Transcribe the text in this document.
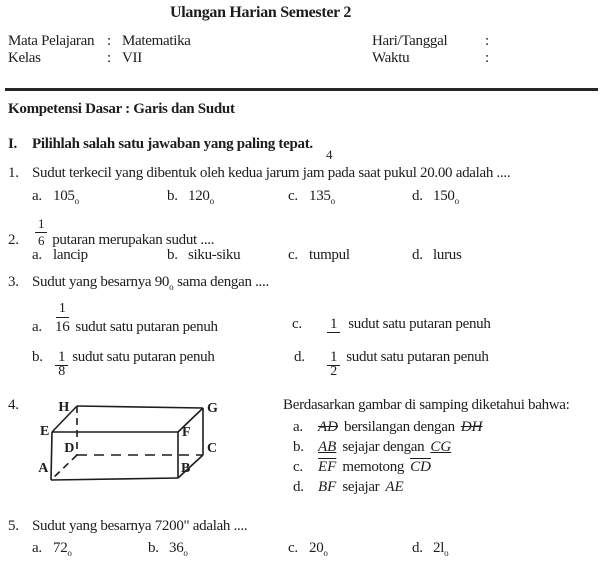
Ulangan Harian Semester 2
Mata Pelajaran : Matematika	Hari/Tanggal	:
Kelas	: VII	Waktu	:
Kompetensi Dasar : Garis dan Sudut
I. Pilihlah salah satu jawaban yang paling tepat.
4
1. Sudut terkecil yang dibentuk oleh kedua jarum jam pada saat pukul 20.00 adalah ....
a. $105_o$	b. $120_o$	c. $135_o$	d. $150_o$
2.	$\frac{1}{6}$ putaran merupakan sudut ....
a. lancip	b. siku-siku	c. tumpul	d. lurus
3. Sudut yang besarnya $90_o$ sama dengan ....
a. $\frac{1}{16}$ sudut satu putaran penuh	c. 1 sudut satu putaran penuh
b. $\frac{1}{8}$ sudut satu putaran penuh	d. $\frac{1}{2}$ sudut satu putaran penuh
4.	H	G
E	F
D	C
A	B
Berdasarkan gambar di samping diketahui bahwa:
a. AD bersilangan dengan DH
b. AB sejajar dengan CG
c. $\overline{EF}$ memotong $\overline{CD}$
d. BF sejajar AE
5. Sudut yang besarnya 7200" adalah ....
a. $72_o$	b. $36_o$	c. $20_o$	d. $2l_o$
